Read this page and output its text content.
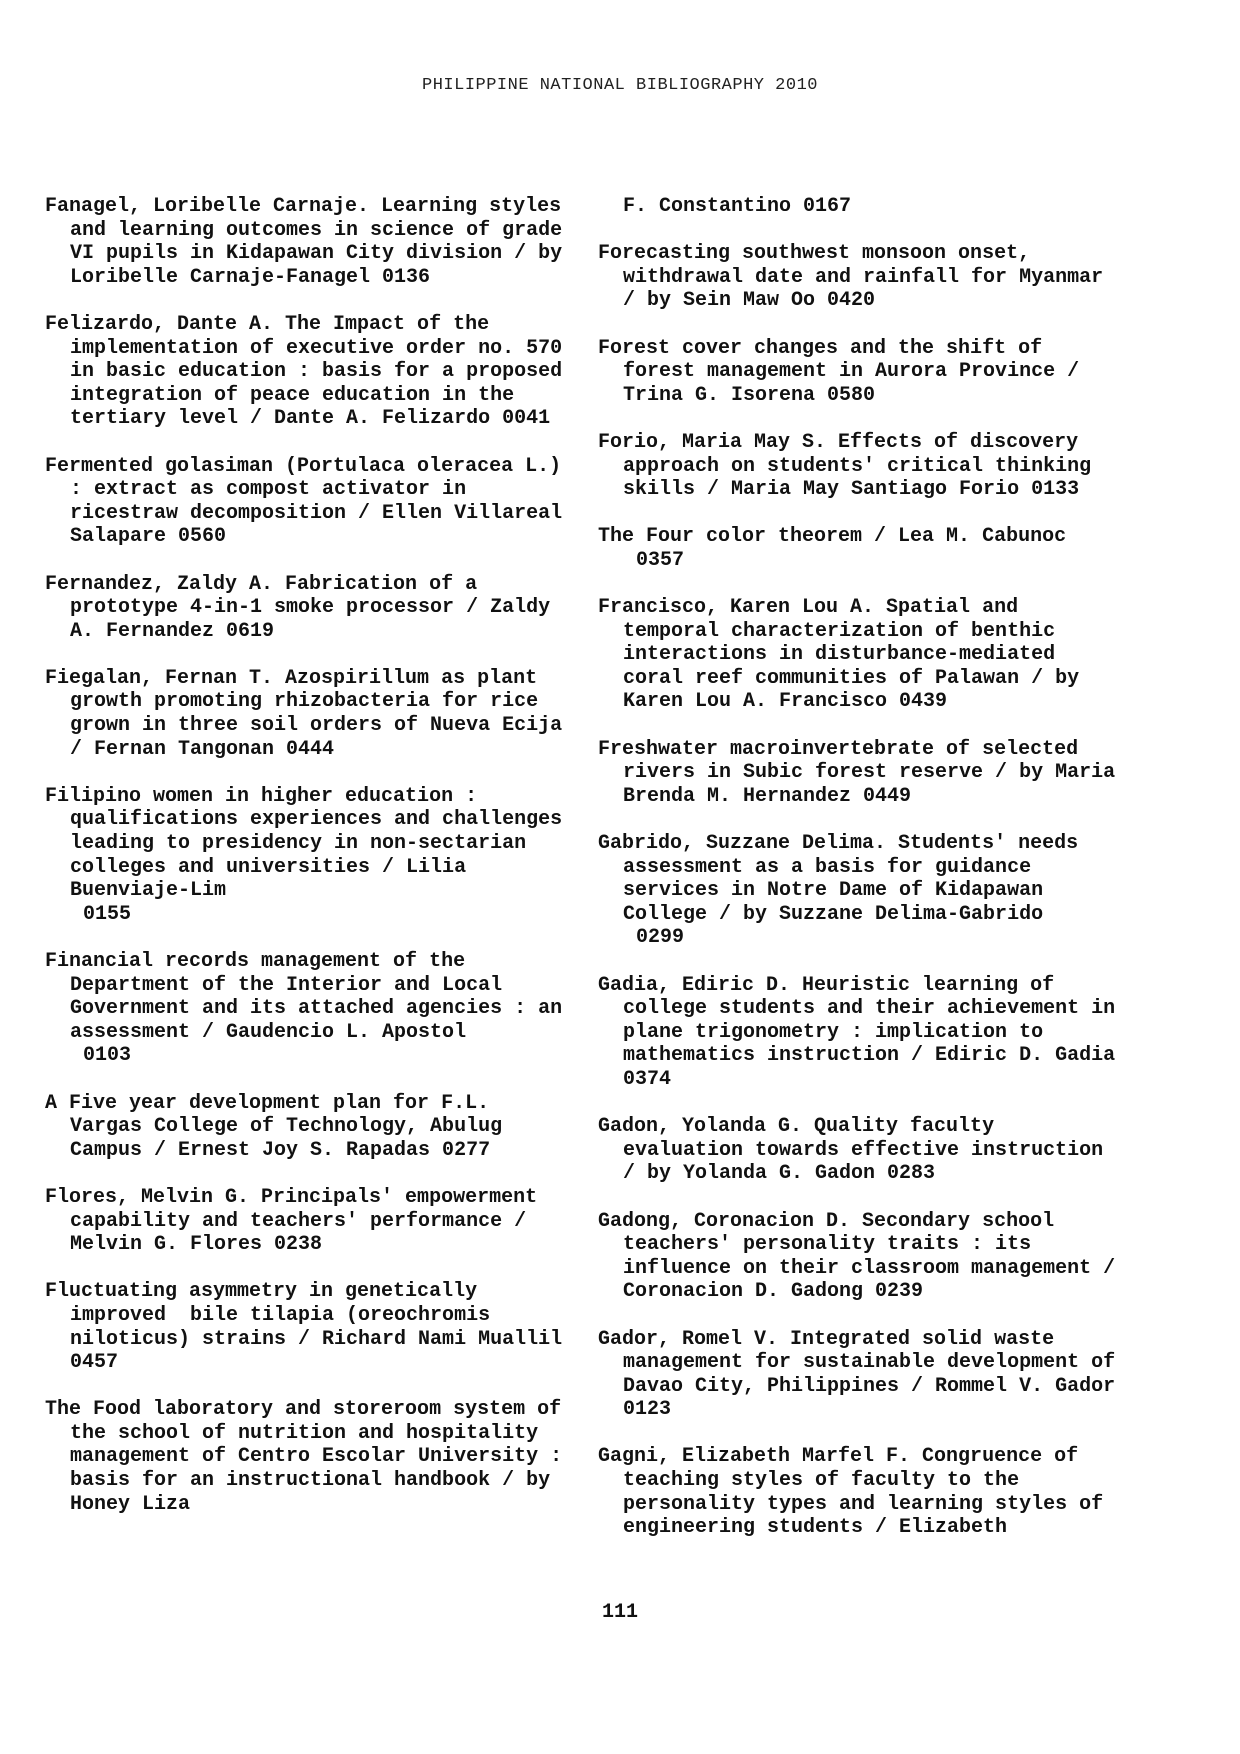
PHILIPPINE NATIONAL BIBLIOGRAPHY 2010
Fanagel, Loribelle Carnaje. Learning styles and learning outcomes in science of grade VI pupils in Kidapawan City division / by Loribelle Carnaje-Fanagel 0136
Felizardo, Dante A. The Impact of the implementation of executive order no. 570 in basic education : basis for a proposed integration of peace education in the tertiary level / Dante A. Felizardo 0041
Fermented golasiman (Portulaca oleracea L.) : extract as compost activator in ricestraw decomposition / Ellen Villareal Salapare 0560
Fernandez, Zaldy A. Fabrication of a prototype 4-in-1 smoke processor / Zaldy A. Fernandez 0619
Fiegalan, Fernan T. Azospirillum as plant growth promoting rhizobacteria for rice grown in three soil orders of Nueva Ecija / Fernan Tangonan 0444
Filipino women in higher education : qualifications experiences and challenges leading to presidency in non-sectarian colleges and universities / Lilia Buenviaje-Lim
0155
Financial records management of the Department of the Interior and Local Government and its attached agencies : an assessment / Gaudencio L. Apostol
0103
A Five year development plan for F.L. Vargas College of Technology, Abulug Campus / Ernest Joy S. Rapadas 0277
Flores, Melvin G. Principals' empowerment  capability and teachers' performance / Melvin G. Flores 0238
Fluctuating asymmetry in genetically improved  bile tilapia (oreochromis niloticus) strains / Richard Nami Muallil 0457
The Food laboratory and storeroom system of the school of nutrition and hospitality management of Centro Escolar University : basis for an instructional handbook / by Honey Liza
F. Constantino 0167
Forecasting southwest monsoon onset, withdrawal date and rainfall for Myanmar / by Sein Maw Oo 0420
Forest cover changes and the shift of forest management in Aurora Province / Trina G. Isorena 0580
Forio, Maria May S. Effects of discovery approach on students' critical thinking skills / Maria May Santiago Forio 0133
The Four color theorem / Lea M. Cabunoc
0357
Francisco, Karen Lou A. Spatial and temporal characterization of benthic interactions in disturbance-mediated coral reef communities of Palawan / by Karen Lou A. Francisco 0439
Freshwater macroinvertebrate of selected rivers in Subic forest reserve / by Maria Brenda M. Hernandez 0449
Gabrido, Suzzane Delima. Students' needs assessment as a basis for guidance services in Notre Dame of Kidapawan College / by Suzzane Delima-Gabrido
0299
Gadia, Ediric D. Heuristic learning of college students and their achievement in plane trigonometry : implication to mathematics instruction / Ediric D. Gadia 0374
Gadon, Yolanda G. Quality faculty evaluation towards effective instruction / by Yolanda G. Gadon 0283
Gadong, Coronacion D. Secondary school teachers' personality traits : its influence on their classroom management / Coronacion D. Gadong 0239
Gador, Romel V. Integrated solid waste management for sustainable development of Davao City, Philippines / Rommel V. Gador 0123
Gagni, Elizabeth Marfel F. Congruence of teaching styles of faculty to the personality types and learning styles of engineering students / Elizabeth
111
